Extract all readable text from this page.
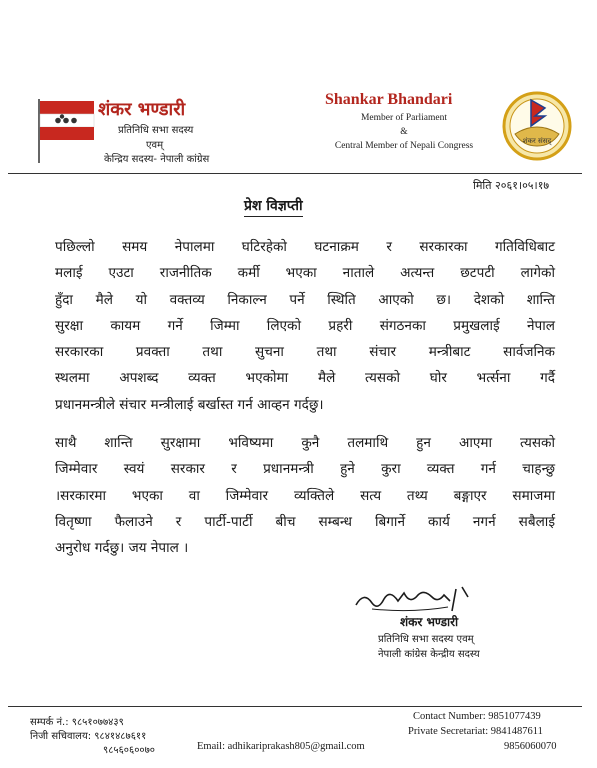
शंकर भण्डारी
प्रतिनिधि सभा सदस्य
एवम्
केन्द्रिय सदस्य- नेपाली कांग्रेस
Shankar Bhandari
Member of Parliament
&
Central Member of Nepali Congress	शंकर संसद्
मिति २०६१।०५।१७
प्रेश विज्ञप्ती
पछिल्लो समय नेपालमा घटिरहेको घटनाक्रम र सरकारका गतिविधिबाट
मलाई एउटा राजनीतिक कर्मी भएका नाताले अत्यन्त छटपटी लागेको
हुँदा मैले यो वक्तव्य निकाल्न पर्ने स्थिति आएको छ। देशको शान्ति
सुरक्षा कायम गर्ने जिम्मा लिएको प्रहरी संगठनका प्रमुखलाई नेपाल
सरकारका प्रवक्ता तथा सुचना तथा संचार मन्त्रीबाट सार्वजनिक
स्थलमा अपशब्द व्यक्त भएकोमा मैले त्यसको घोर भर्त्सना गर्दै
प्रधानमन्त्रीले संचार मन्त्रीलाई बर्खास्त गर्न आव्हन गर्दछु।
साथै शान्ति सुरक्षामा भविष्यमा कुनै तलमाथि हुन आएमा त्यसको
जिम्मेवार स्वयं सरकार र प्रधानमन्त्री हुने कुरा व्यक्त गर्न चाहन्छु
।सरकारमा भएका वा जिम्मेवार व्यक्तिले सत्य तथ्य बङ्गाएर समाजमा
वितृष्णा फैलाउने र पार्टी-पार्टी बीच सम्बन्ध बिगार्ने कार्य नगर्न सबैलाई
अनुरोध गर्दछु। जय नेपाल ।
शंभण्डारी
शंकर भण्डारी
प्रतिनिधि सभा सदस्य एवम्
नेपाली कांग्रेस केन्द्रीय सदस्य
सम्पर्क नं.: ९८५१०७७४३९
निजी सचिवालय: ९८४१४८७६११
९८५६०६००७०	Email: adhikariprakash805@gmail.com
Contact Number: 9851077439
Private Secretariat: 9841487611
9856060070
